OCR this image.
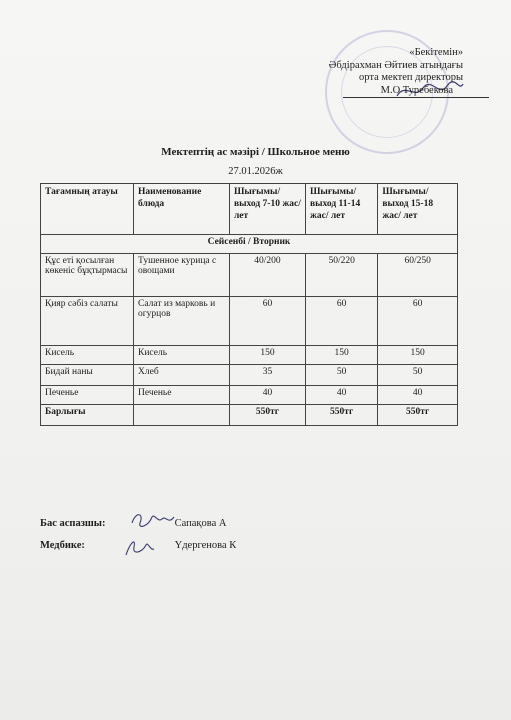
«Бекітемін»
Әбдірахман Әйтиев атындағы
орта мектеп директоры
М.О Туребекова
Мектептің ас мәзірі / Школьное меню
27.01.2026ж
Тағамның атауы	Наименование блюда	Шығымы/ выход 7-10 жас/ лет	Шығымы/ выход 11-14 жас/ лет	Шығымы/ выход 15-18 жас/ лет
Сейсенбі / Вторник				
Құс еті қосылған көкеніс бұқтырмасы	Тушенное курица с овощами	40/200	50/220	60/250
Қияр сәбіз салаты	Салат из марковь и огурцов	60	60	60
Кисель	Кисель	150	150	150
Бидай наны	Хлеб	35	50	50
Печенье	Печенье	40	40	40
Барлығы		550тг	550тг	550тг
Бас аспазшы:	Сапақова А
Медбике:	Үдергенова К
